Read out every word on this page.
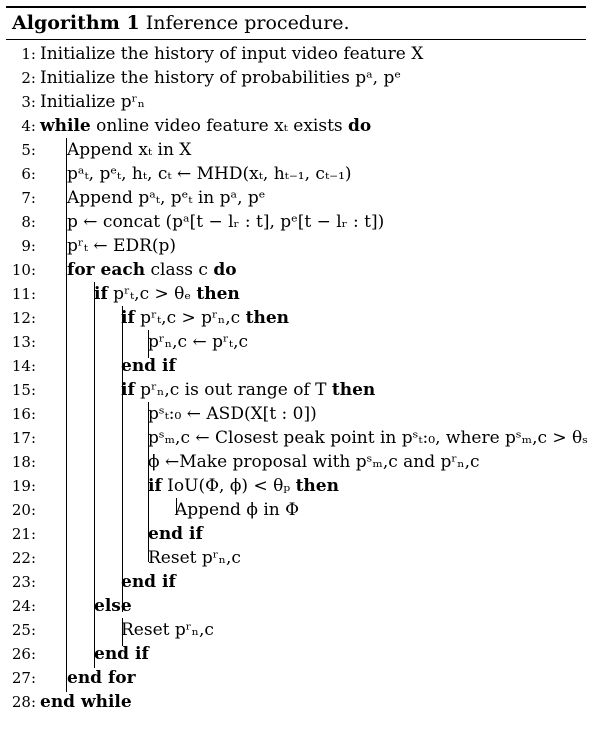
Algorithm 1 Inference procedure.
1: Initialize the history of input video feature X
2: Initialize the history of probabilities pᵃ, pᵉ
3: Initialize pʳₙ
4: while online video feature xₜ exists do
5: Append xₜ in X
6: pᵃₜ, pᵉₜ, hₜ, cₜ ← MHD(xₜ, hₜ₋₁, cₜ₋₁)
7: Append pᵃₜ, pᵉₜ in pᵃ, pᵉ
8: p ← concat (pᵃ[t − lᵣ : t], pᵉ[t − lᵣ : t])
9: pʳₜ ← EDR(p)
10: for each class c do
11:	if pʳₜ,c > θₑ then
12:	if pʳₜ,c > pʳₙ,c then
13:	pʳₙ,c ← pʳₜ,c
14:	end if
15:	if pʳₙ,c is out range of T then
16:	pˢₜ:₀ ← ASD(X[t : 0])
17:	pˢₘ,c ← Closest peak point in pˢₜ:₀, where pˢₘ,c > θₛ
18:	ϕ ←Make proposal with pˢₘ,c and pʳₙ,c
19:	if IoU(Φ, ϕ) < θₚ then
20:	Append ϕ in Φ
21:	end if
22:	Reset pʳₙ,c
23:	end if
24:	else
25:	Reset pʳₙ,c
26:	end if
27: end for
28: end while
